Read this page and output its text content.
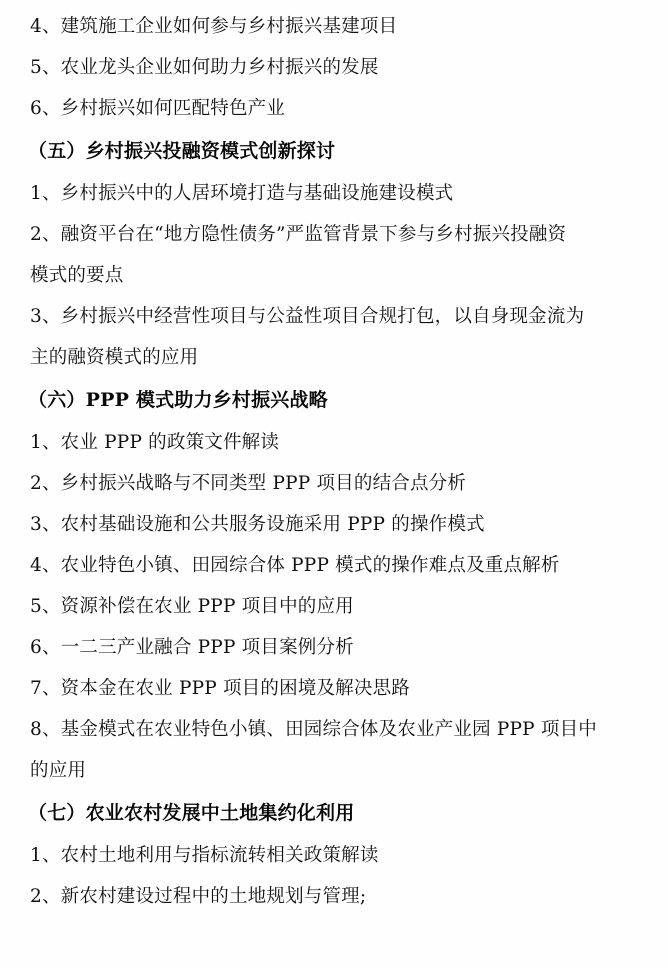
4、建筑施工企业如何参与乡村振兴基建项目
5、农业龙头企业如何助力乡村振兴的发展
6、乡村振兴如何匹配特色产业
（五）乡村振兴投融资模式创新探讨
1、乡村振兴中的人居环境打造与基础设施建设模式
2、融资平台在“地方隐性债务”严监管背景下参与乡村振兴投融资
模式的要点
3、乡村振兴中经营性项目与公益性项目合规打包，以自身现金流为
主的融资模式的应用
（六）PPP 模式助力乡村振兴战略
1、农业 PPP 的政策文件解读
2、乡村振兴战略与不同类型 PPP 项目的结合点分析
3、农村基础设施和公共服务设施采用 PPP 的操作模式
4、农业特色小镇、田园综合体 PPP 模式的操作难点及重点解析
5、资源补偿在农业 PPP 项目中的应用
6、一二三产业融合 PPP 项目案例分析
7、资本金在农业 PPP 项目的困境及解决思路
8、基金模式在农业特色小镇、田园综合体及农业产业园 PPP 项目中
的应用
（七）农业农村发展中土地集约化利用
1、农村土地利用与指标流转相关政策解读
2、新农村建设过程中的土地规划与管理;
